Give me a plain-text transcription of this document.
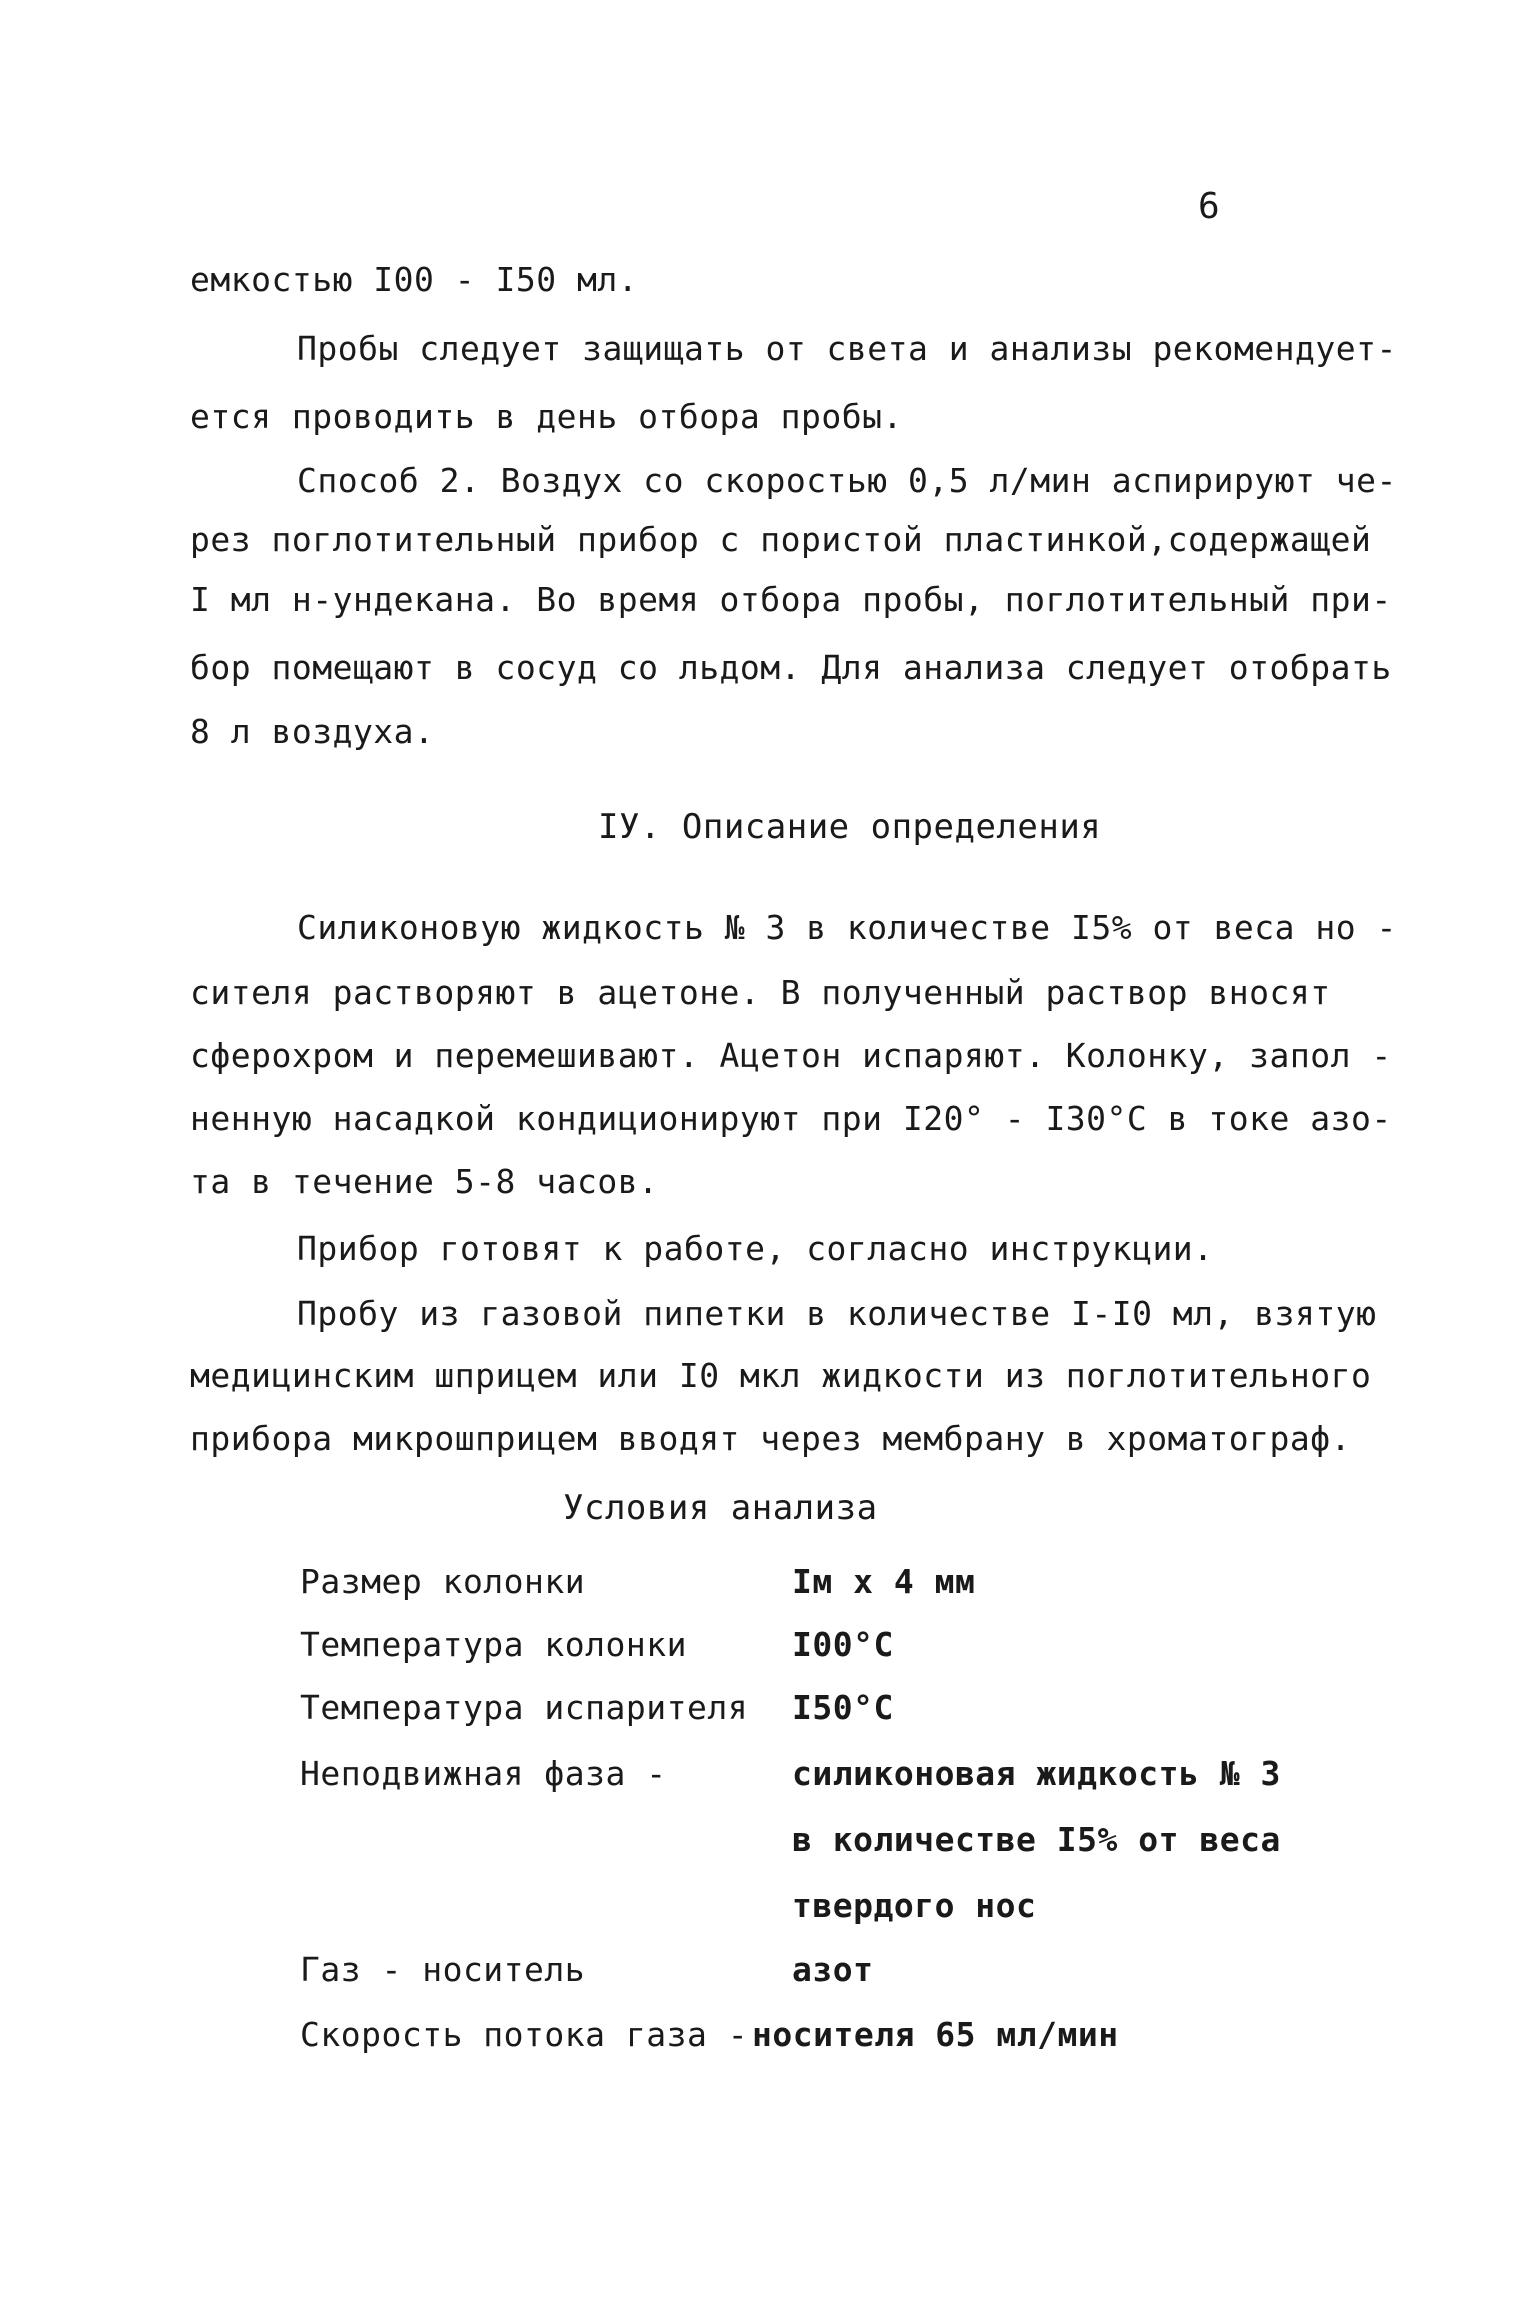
6
емкостью I00 - I50 мл.
Пробы следует защищать от света и анализы рекомендует-
ется проводить в день отбора пробы.
Способ 2. Воздух со скоростью 0,5 л/мин аспирируют че-
рез поглотительный прибор с пористой пластинкой,содержащей
I мл н-ундекана. Во время отбора пробы, поглотительный при-
бор помещают в сосуд со льдом. Для анализа следует отобрать
8 л воздуха.
IУ. Описание определения
Силиконовую жидкость № 3 в количестве I5% от веса но -
сителя растворяют в ацетоне. В полученный раствор вносят
сферохром и перемешивают. Ацетон испаряют. Колонку, запол -
ненную насадкой кондиционируют при I20° - I30°С в токе азо-
та в течение 5-8 часов.
Прибор готовят к работе, согласно инструкции.
Пробу из газовой пипетки в количестве I-I0 мл, взятую
медицинским шприцем или I0 мкл жидкости из поглотительного
прибора микрошприцем вводят через мембрану в хроматограф.
Условия анализа
Размер колонки	Iм х 4 мм
Температура колонки	I00°C
Температура испарителя I50°C
Неподвижная фаза -	силиконовая жидкость № 3
в количестве I5% от веса
твердого нос
Газ - носитель	азот
Скорость потока газа - носителя 65 мл/мин
